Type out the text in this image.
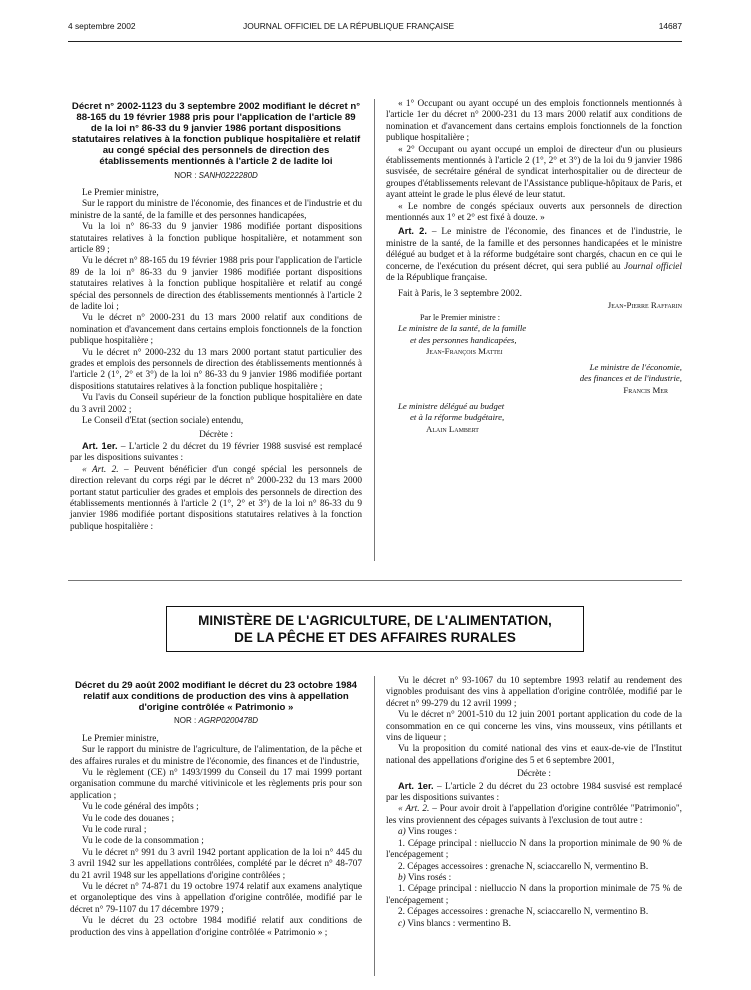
4 septembre 2002	JOURNAL OFFICIEL DE LA RÉPUBLIQUE FRANÇAISE	14687
Décret n° 2002-1123 du 3 septembre 2002 modifiant le décret n° 88-165 du 19 février 1988 pris pour l'application de l'article 89 de la loi n° 86-33 du 9 janvier 1986 portant dispositions statutaires relatives à la fonction publique hospitalière et relatif au congé spécial des personnels de direction des établissements mentionnés à l'article 2 de ladite loi
NOR : SANH0222280D

Le Premier ministre,

Sur le rapport du ministre de l'économie, des finances et de l'industrie et du ministre de la santé, de la famille et des personnes handicapées,

Vu la loi n° 86-33 du 9 janvier 1986 modifiée portant dispositions statutaires relatives à la fonction publique hospitalière, et notamment son article 89 ;

Vu le décret n° 88-165 du 19 février 1988 pris pour l'application de l'article 89 de la loi n° 86-33 du 9 janvier 1986 modifiée portant dispositions statutaires relatives à la fonction publique hospitalière et relatif au congé spécial des personnels de direction des établissements mentionnés à l'article 2 de ladite loi ;

Vu le décret n° 2000-231 du 13 mars 2000 relatif aux conditions de nomination et d'avancement dans certains emplois fonctionnels de la fonction publique hospitalière ;

Vu le décret n° 2000-232 du 13 mars 2000 portant statut particulier des grades et emplois des personnels de direction des établissements mentionnés à l'article 2 (1°, 2° et 3°) de la loi n° 86-33 du 9 janvier 1986 modifiée portant dispositions statutaires relatives à la fonction publique hospitalière ;

Vu l'avis du Conseil supérieur de la fonction publique hospitalière en date du 3 avril 2002 ;

Le Conseil d'Etat (section sociale) entendu,

Décrète :

Art. 1er. – L'article 2 du décret du 19 février 1988 susvisé est remplacé par les dispositions suivantes :

« Art. 2. – Peuvent bénéficier d'un congé spécial les personnels de direction relevant du corps régi par le décret n° 2000-232 du 13 mars 2000 portant statut particulier des grades et emplois des personnels de direction des établissements mentionnés à l'article 2 (1°, 2° et 3°) de la loi n° 86-33 du 9 janvier 1986 modifiée portant dispositions statutaires relatives à la fonction publique hospitalière :

« 1° Occupant ou ayant occupé un des emplois fonctionnels mentionnés à l'article 1er du décret n° 2000-231 du 13 mars 2000 relatif aux conditions de nomination et d'avancement dans certains emplois fonctionnels de la fonction publique hospitalière ;

« 2° Occupant ou ayant occupé un emploi de directeur d'un ou plusieurs établissements mentionnés à l'article 2 (1°, 2° et 3°) de la loi du 9 janvier 1986 susvisée, de secrétaire général de syndicat interhospitalier ou de directeur de groupes d'établissements relevant de l'Assistance publique-hôpitaux de Paris, et ayant atteint le grade le plus élevé de leur statut.

« Le nombre de congés spéciaux ouverts aux personnels de direction mentionnés aux 1° et 2° est fixé à douze. »

Art. 2. – Le ministre de l'économie, des finances et de l'industrie, le ministre de la santé, de la famille et des personnes handicapées et le ministre délégué au budget et à la réforme budgétaire sont chargés, chacun en ce qui le concerne, de l'exécution du présent décret, qui sera publié au Journal officiel de la République française.

Fait à Paris, le 3 septembre 2002.

Jean-Pierre Raffarin

Par le Premier ministre :

Le ministre de la santé, de la famille

et des personnes handicapées,

Jean-François Mattei

Le ministre de l'économie,

des finances et de l'industrie,

Francis Mer

Le ministre délégué au budget

et à la réforme budgétaire,

Alain Lambert

MINISTÈRE DE L'AGRICULTURE, DE L'ALIMENTATION,
DE LA PÊCHE ET DES AFFAIRES RURALES
Décret du 29 août 2002 modifiant le décret du 23 octobre 1984 relatif aux conditions de production des vins à appellation d'origine contrôlée « Patrimonio »
NOR : AGRP0200478D

Le Premier ministre,

Sur le rapport du ministre de l'agriculture, de l'alimentation, de la pêche et des affaires rurales et du ministre de l'économie, des finances et de l'industrie,

Vu le règlement (CE) n° 1493/1999 du Conseil du 17 mai 1999 portant organisation commune du marché vitivinicole et les règlements pris pour son application ;

Vu le code général des impôts ;

Vu le code des douanes ;

Vu le code rural ;

Vu le code de la consommation ;

Vu le décret n° 991 du 3 avril 1942 portant application de la loi n° 445 du 3 avril 1942 sur les appellations contrôlées, complété par le décret n° 48-707 du 21 avril 1948 sur les appellations d'origine contrôlées ;

Vu le décret n° 74-871 du 19 octobre 1974 relatif aux examens analytique et organoleptique des vins à appellation d'origine contrôlée, modifié par le décret n° 79-1107 du 17 décembre 1979 ;

Vu le décret du 23 octobre 1984 modifié relatif aux conditions de production des vins à appellation d'origine contrôlée « Patrimonio » ;

Vu le décret n° 93-1067 du 10 septembre 1993 relatif au rendement des vignobles produisant des vins à appellation d'origine contrôlée, modifié par le décret n° 99-279 du 12 avril 1999 ;

Vu le décret n° 2001-510 du 12 juin 2001 portant application du code de la consommation en ce qui concerne les vins, vins mousseux, vins pétillants et vins de liqueur ;

Vu la proposition du comité national des vins et eaux-de-vie de l'Institut national des appellations d'origine des 5 et 6 septembre 2001,

Décrète :

Art. 1er. – L'article 2 du décret du 23 octobre 1984 susvisé est remplacé par les dispositions suivantes :

« Art. 2. – Pour avoir droit à l'appellation d'origine contrôlée "Patrimonio", les vins proviennent des cépages suivants à l'exclusion de tout autre :

a) Vins rouges :

1. Cépage principal : nielluccio N dans la proportion minimale de 90 % de l'encépagement ;

2. Cépages accessoires : grenache N, sciaccarello N, vermentino B.

b) Vins rosés :

1. Cépage principal : nielluccio N dans la proportion minimale de 75 % de l'encépagement ;

2. Cépages accessoires : grenache N, sciaccarello N, vermentino B.

c) Vins blancs : vermentino B.
